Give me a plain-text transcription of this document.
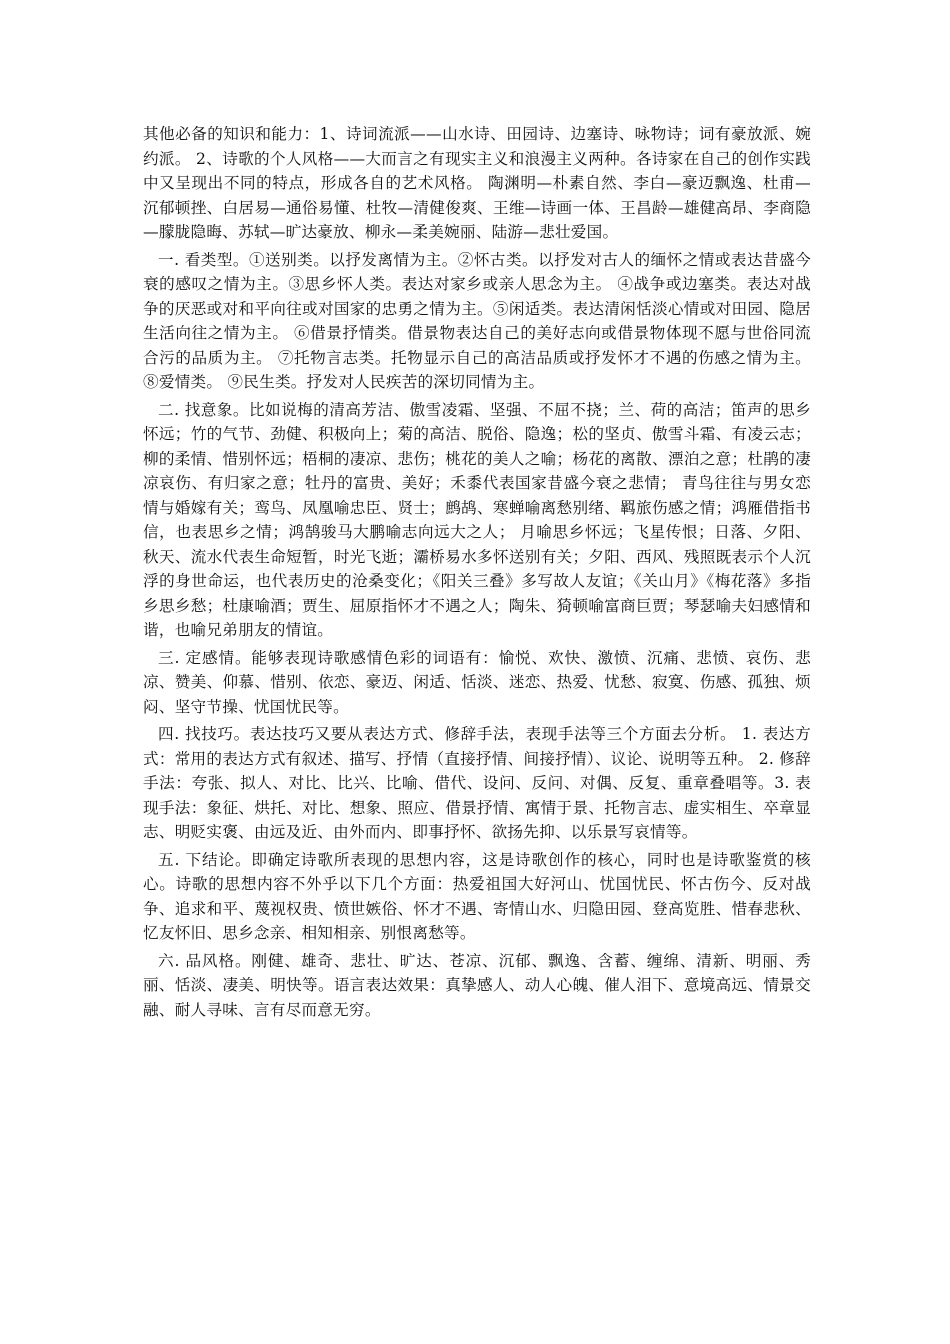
其他必备的知识和能力：1、诗词流派——山水诗、田园诗、边塞诗、咏物诗；词有豪放派、婉约派。 2、诗歌的个人风格——大而言之有现实主义和浪漫主义两种。各诗家在自己的创作实践中又呈现出不同的特点，形成各自的艺术风格。 陶渊明—朴素自然、李白—豪迈飘逸、杜甫—沉郁顿挫、白居易—通俗易懂、杜牧—清健俊爽、王维—诗画一体、王昌龄—雄健高昂、李商隐—朦胧隐晦、苏轼—旷达豪放、柳永—柔美婉丽、陆游—悲壮爱国。

一. 看类型。①送别类。以抒发离情为主。②怀古类。以抒发对古人的缅怀之情或表达昔盛今衰的感叹之情为主。③思乡怀人类。表达对家乡或亲人思念为主。 ④战争或边塞类。表达对战争的厌恶或对和平向往或对国家的忠勇之情为主。⑤闲适类。表达清闲恬淡心情或对田园、隐居生活向往之情为主。 ⑥借景抒情类。借景物表达自己的美好志向或借景物体现不愿与世俗同流合污的品质为主。 ⑦托物言志类。托物显示自己的高洁品质或抒发怀才不遇的伤感之情为主。 ⑧爱情类。 ⑨民生类。抒发对人民疾苦的深切同情为主。

二. 找意象。比如说梅的清高芳洁、傲雪凌霜、坚强、不屈不挠；兰、荷的高洁；笛声的思乡怀远；竹的气节、劲健、积极向上；菊的高洁、脱俗、隐逸；松的坚贞、傲雪斗霜、有凌云志；柳的柔情、惜别怀远；梧桐的凄凉、悲伤；桃花的美人之喻；杨花的离散、漂泊之意；杜鹃的凄凉哀伤、有归家之意；牡丹的富贵、美好；禾黍代表国家昔盛今衰之悲情； 青鸟往往与男女恋情与婚嫁有关；鸾鸟、凤凰喻忠臣、贤士；鹧鸪、寒蝉喻离愁别绪、羁旅伤感之情；鸿雁借指书信，也表思乡之情；鸿鹄骏马大鹏喻志向远大之人； 月喻思乡怀远；飞星传恨；日落、夕阳、秋天、流水代表生命短暂，时光飞逝；灞桥易水多怀送别有关；夕阳、西风、残照既表示个人沉浮的身世命运，也代表历史的沧桑变化；《阳关三叠》多写故人友谊；《关山月》《梅花落》多指乡思乡愁；杜康喻酒；贾生、屈原指怀才不遇之人；陶朱、猗顿喻富商巨贾；琴瑟喻夫妇感情和谐，也喻兄弟朋友的情谊。

三. 定感情。能够表现诗歌感情色彩的词语有：愉悦、欢快、激愤、沉痛、悲愤、哀伤、悲凉、赞美、仰慕、惜别、依恋、豪迈、闲适、恬淡、迷恋、热爱、忧愁、寂寞、伤感、孤独、烦闷、坚守节操、忧国忧民等。

四. 找技巧。表达技巧又要从表达方式、修辞手法，表现手法等三个方面去分析。 1. 表达方式：常用的表达方式有叙述、描写、抒情（直接抒情、间接抒情）、议论、说明等五种。 2. 修辞手法：夸张、拟人、对比、比兴、比喻、借代、设问、反问、对偶、反复、重章叠唱等。3. 表现手法：象征、烘托、对比、想象、照应、借景抒情、寓情于景、托物言志、虚实相生、卒章显志、明贬实褒、由远及近、由外而内、即事抒怀、欲扬先抑、以乐景写哀情等。

五. 下结论。即确定诗歌所表现的思想内容，这是诗歌创作的核心，同时也是诗歌鉴赏的核心。诗歌的思想内容不外乎以下几个方面：热爱祖国大好河山、忧国忧民、怀古伤今、反对战争、追求和平、蔑视权贵、愤世嫉俗、怀才不遇、寄情山水、归隐田园、登高览胜、惜春悲秋、忆友怀旧、思乡念亲、相知相亲、别恨离愁等。

六. 品风格。刚健、雄奇、悲壮、旷达、苍凉、沉郁、飘逸、含蓄、缠绵、清新、明丽、秀丽、恬淡、凄美、明快等。语言表达效果：真挚感人、动人心魄、催人泪下、意境高远、情景交融、耐人寻味、言有尽而意无穷。
